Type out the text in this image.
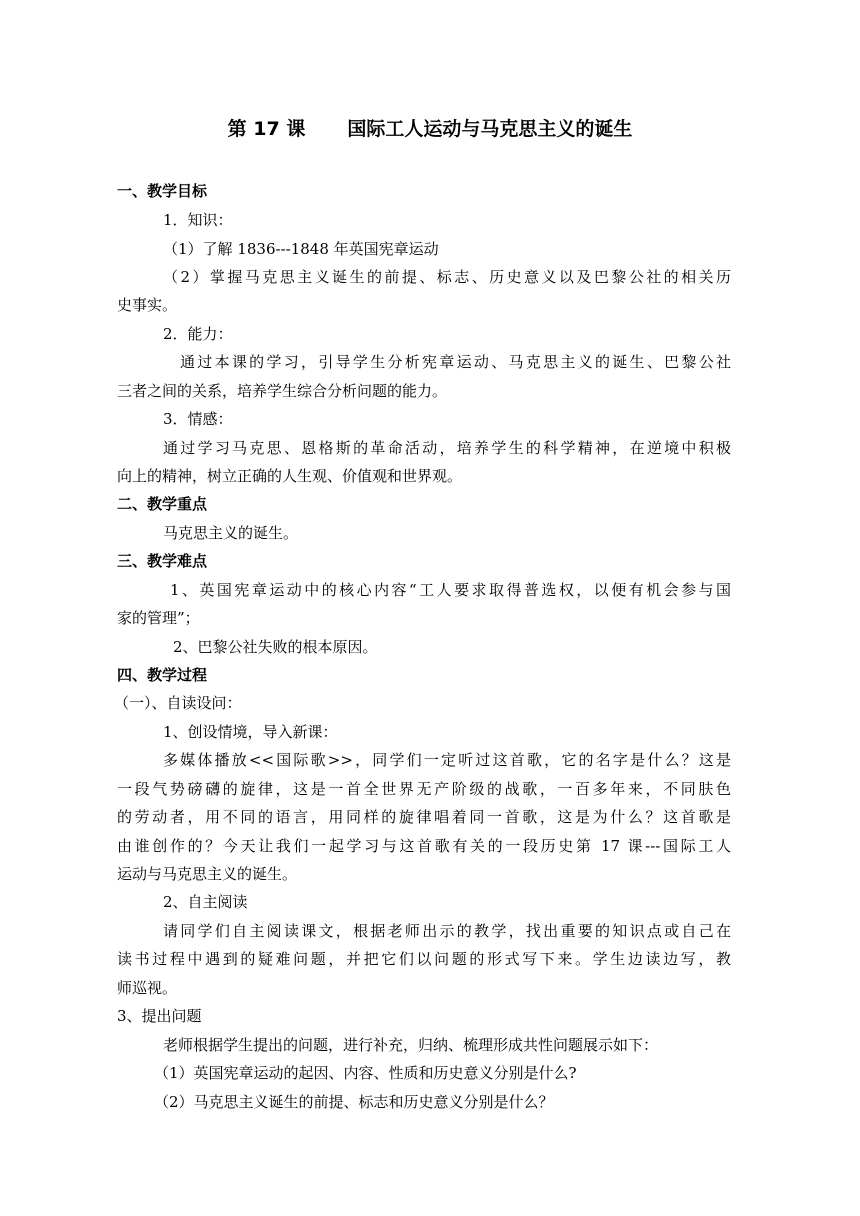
第 17 课 国际工人运动与马克思主义的诞生
一、教学目标
1．知识：
（1）了解 1836---1848 年英国宪章运动
（2）掌握马克思主义诞生的前提、标志、历史意义以及巴黎公社的相关历
史事实。
2．能力：
通过本课的学习，引导学生分析宪章运动、马克思主义的诞生、巴黎公社
三者之间的关系，培养学生综合分析问题的能力。
3．情感：
通过学习马克思、恩格斯的革命活动，培养学生的科学精神，在逆境中积极
向上的精神，树立正确的人生观、价值观和世界观。
二、教学重点
马克思主义的诞生。
三、教学难点
1、英国宪章运动中的核心内容“工人要求取得普选权，以便有机会参与国
家的管理”；
2、巴黎公社失败的根本原因。
四、教学过程
（一）、自读设问：
1、创设情境，导入新课：
多媒体播放<<国际歌>>，同学们一定听过这首歌，它的名字是什么？这是
一段气势磅礴的旋律，这是一首全世界无产阶级的战歌，一百多年来，不同肤色
的劳动者，用不同的语言，用同样的旋律唱着同一首歌，这是为什么？这首歌是
由谁创作的？今天让我们一起学习与这首歌有关的一段历史第 17 课---国际工人
运动与马克思主义的诞生。
2、自主阅读
请同学们自主阅读课文，根据老师出示的教学，找出重要的知识点或自己在
读书过程中遇到的疑难问题，并把它们以问题的形式写下来。学生边读边写，教
师巡视。
3、提出问题
老师根据学生提出的问题，进行补充，归纳、梳理形成共性问题展示如下：
（1）英国宪章运动的起因、内容、性质和历史意义分别是什么?
（2）马克思主义诞生的前提、标志和历史意义分别是什么？
